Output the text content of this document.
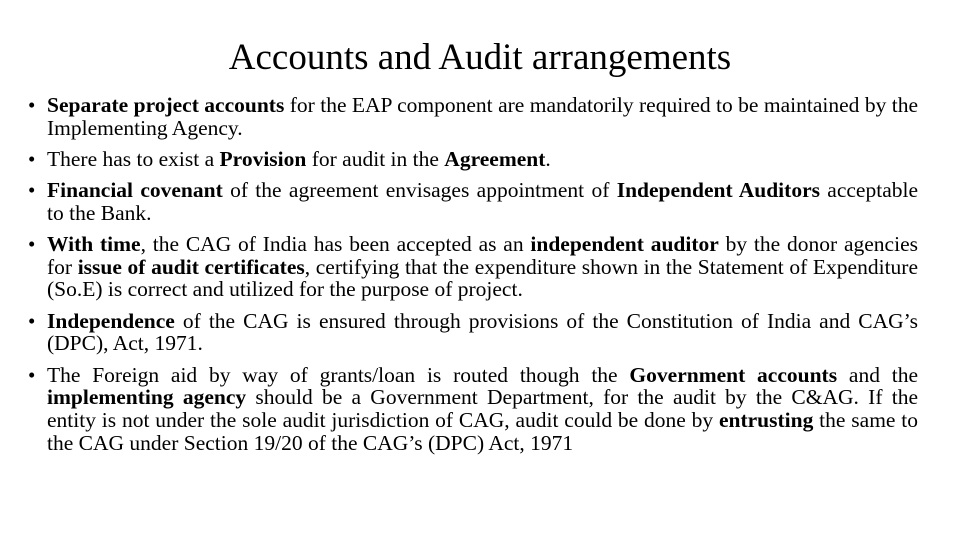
Accounts and Audit arrangements
• Separate project accounts for the EAP component are mandatorily required to be maintained by the Implementing Agency.
• There has to exist a Provision for audit in the Agreement.
• Financial covenant of the agreement envisages appointment of Independent Auditors acceptable to the Bank.
• With time, the CAG of India has been accepted as an independent auditor by the donor agencies for issue of audit certificates, certifying that the expenditure shown in the Statement of Expenditure (So.E) is correct and utilized for the purpose of project.
• Independence of the CAG is ensured through provisions of the Constitution of India and CAG’s (DPC), Act, 1971.
• The Foreign aid by way of grants/loan is routed though the Government accounts and the implementing agency should be a Government Department, for the audit by the C&AG. If the entity is not under the sole audit jurisdiction of CAG, audit could be done by entrusting the same to the CAG under Section 19/20 of the CAG’s (DPC) Act, 1971
